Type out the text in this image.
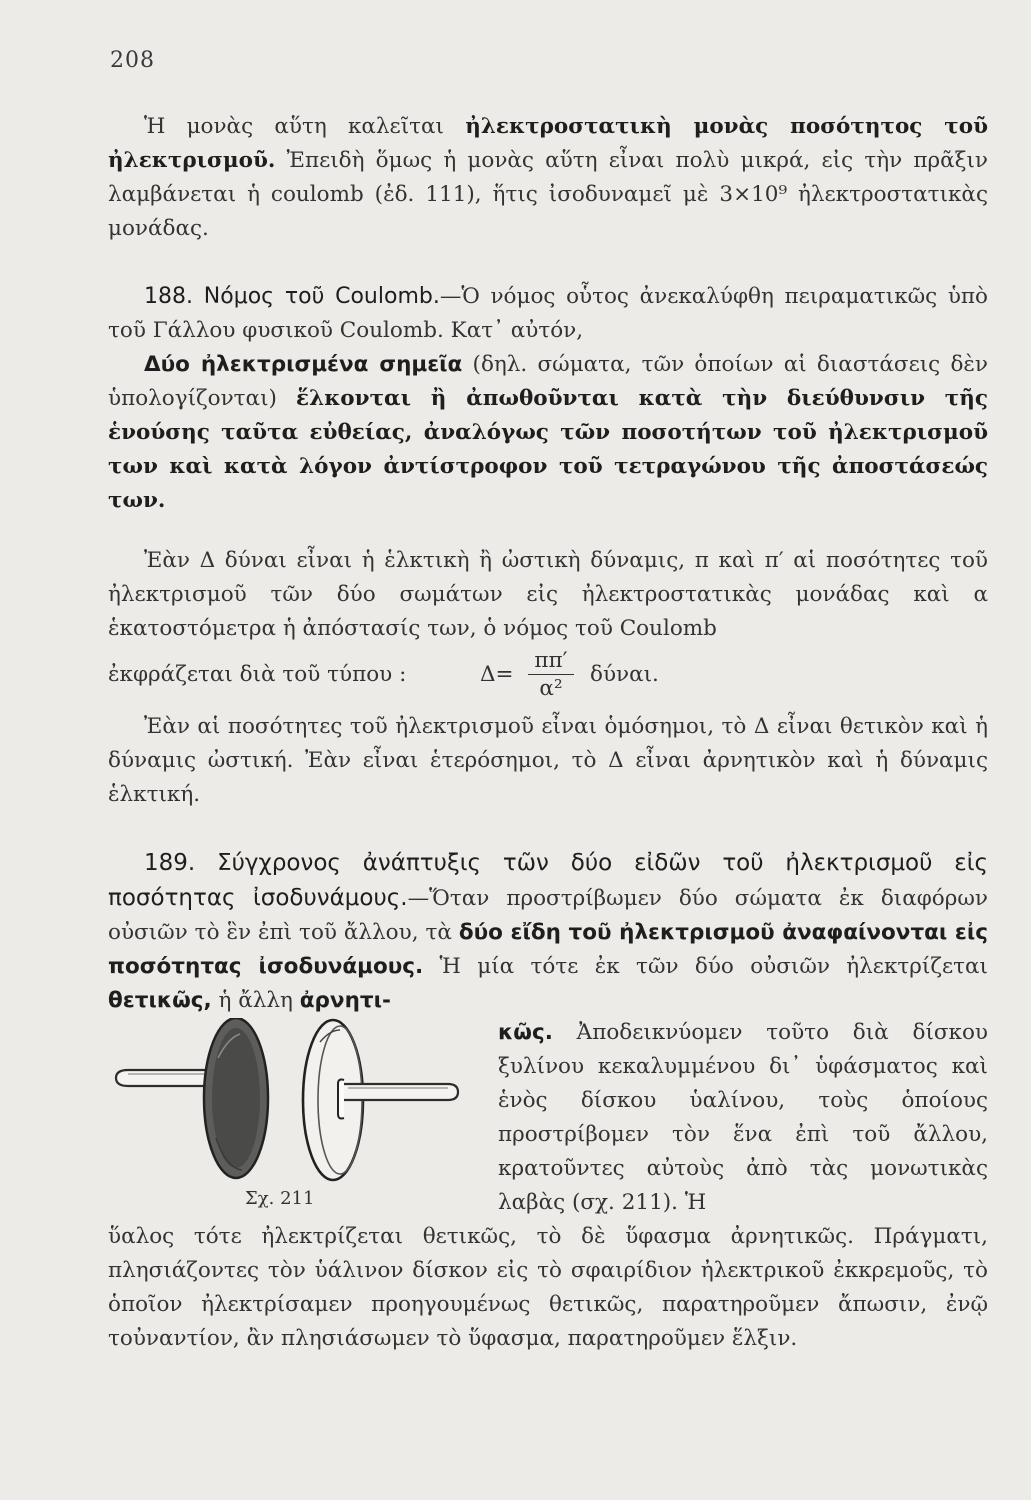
208
Ἡ μονὰς αὕτη καλεῖται ἠλεκτροστατικὴ μονὰς ποσότητος τοῦ ἠλεκτρισμοῦ. Ἐπειδὴ ὅμως ἡ μονὰς αὕτη εἶναι πολὺ μικρά, εἰς τὴν πρᾶξιν λαμβάνεται ἡ coulomb (ἐδ. 111), ἥτις ἰσοδυναμεῖ μὲ 3×10⁹ ἠλεκτροστατικὰς μονάδας.
188. Νόμος τοῦ Coulomb.—Ὁ νόμος οὗτος ἀνεκαλύφθη πειραματικῶς ὑπὸ τοῦ Γάλλου φυσικοῦ Coulomb. Κατ᾽ αὐτόν,
Δύο ἠλεκτρισμένα σημεῖα (δηλ. σώματα, τῶν ὁποίων αἱ διαστάσεις δὲν ὑπολογίζονται) ἕλκονται ἢ ἀπωθοῦνται κατὰ τὴν διεύθυνσιν τῆς ἑνούσης ταῦτα εὐθείας, ἀναλόγως τῶν ποσοτήτων τοῦ ἠλεκτρισμοῦ των καὶ κατὰ λόγον ἀντίστροφον τοῦ τετραγώνου τῆς ἀποστάσεώς των.
Ἐὰν Δ δύναι εἶναι ἡ ἑλκτικὴ ἢ ὠστικὴ δύναμις, π καὶ π′ αἱ ποσότητες τοῦ ἠλεκτρισμοῦ τῶν δύο σωμάτων εἰς ἠλεκτροστατικὰς μονάδας καὶ α ἑκατοστόμετρα ἡ ἀπόστασίς των, ὁ νόμος τοῦ Coulomb
ἐκφράζεται διὰ τοῦ τύπου :	$\Delta= \frac{\pi\pi'}{\text{α²}} \delta ύ\nu\alpha\iota$.
Ἐὰν αἱ ποσότητες τοῦ ἠλεκτρισμοῦ εἶναι ὁμόσημοι, τὸ Δ εἶναι θετικὸν καὶ ἡ δύναμις ὠστική. Ἐὰν εἶναι ἑτερόσημοι, τὸ Δ εἶναι ἀρνητικὸν καὶ ἡ δύναμις ἑλκτική.
189. Σύγχρονος ἀνάπτυξις τῶν δύο εἰδῶν τοῦ ἠλεκτρισμοῦ εἰς ποσότητας ἰσοδυνάμους.—Ὅταν προστρίβωμεν δύο σώματα ἐκ διαφόρων οὐσιῶν τὸ ἓν ἐπὶ τοῦ ἄλλου, τὰ δύο εἴδη τοῦ ἠλεκτρισμοῦ ἀναφαίνονται εἰς ποσότητας ἰσοδυνάμους. Ἡ μία τότε ἐκ τῶν δύο οὐσιῶν ἠλεκτρίζεται θετικῶς, ἡ ἄλλη ἀρνητι-
Σχ. 211
κῶς. Ἀποδεικνύομεν τοῦτο διὰ δίσκου ξυλίνου κεκαλυμμένου δι᾽ ὑφάσματος καὶ ἑνὸς δίσκου ὑαλίνου, τοὺς ὁποίους προστρίβομεν τὸν ἕνα ἐπὶ τοῦ ἄλλου, κρατοῦντες αὐτοὺς ἀπὸ τὰς μονωτικὰς λαβὰς (σχ. 211). Ἡ
ὕαλος τότε ἠλεκτρίζεται θετικῶς, τὸ δὲ ὕφασμα ἀρνητικῶς. Πράγματι, πλησιάζοντες τὸν ὑάλινον δίσκον εἰς τὸ σφαιρίδιον ἠλεκτρικοῦ ἐκκρεμοῦς, τὸ ὁποῖον ἠλεκτρίσαμεν προηγουμένως θετικῶς, παρατηροῦμεν ἄπωσιν, ἐνῷ τοὐναντίον, ἂν πλησιάσωμεν τὸ ὕφασμα, παρατηροῦμεν ἕλξιν.
